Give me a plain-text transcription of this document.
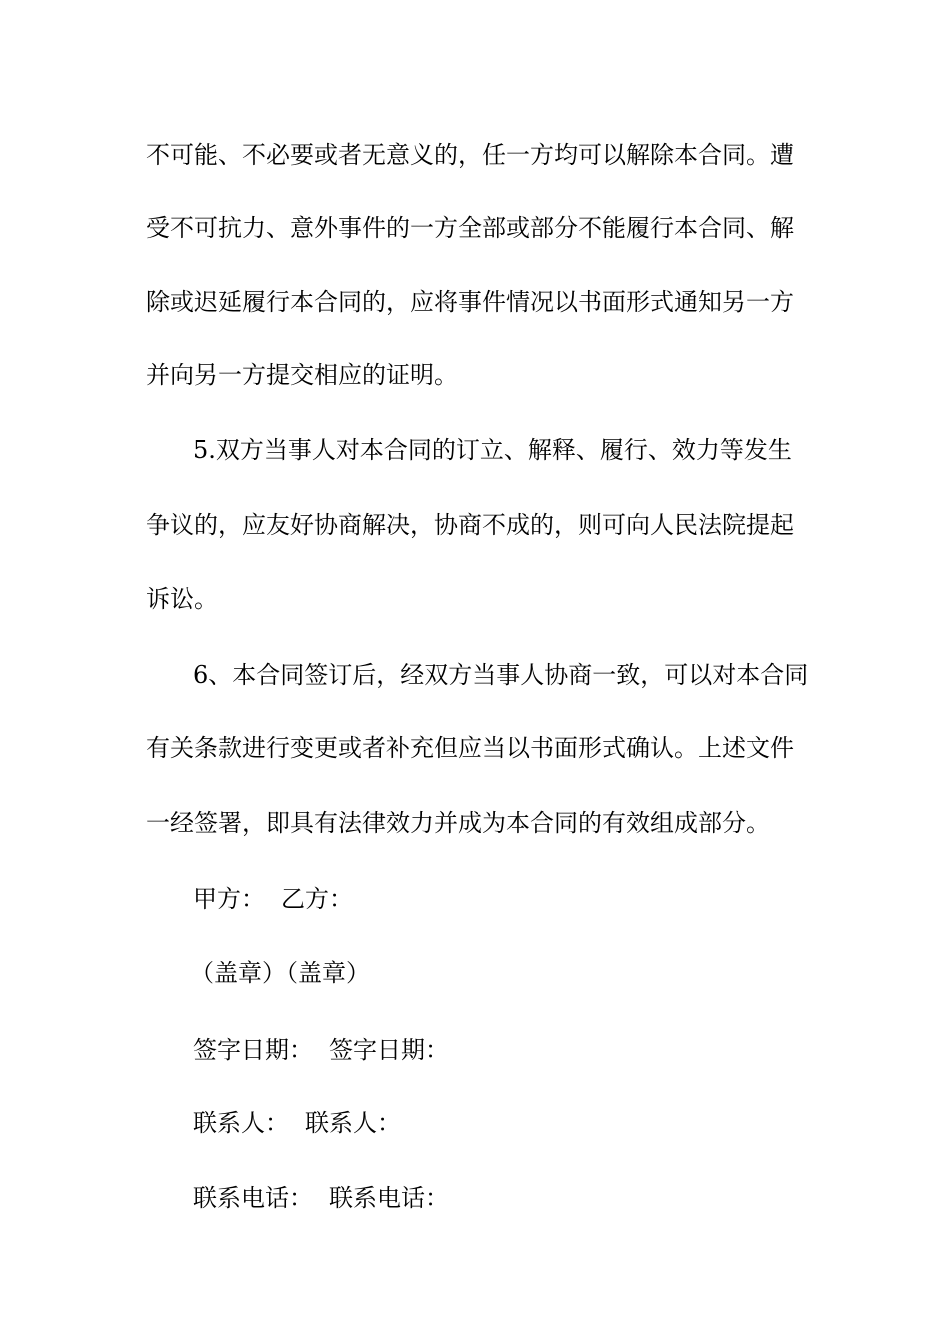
不可能、不必要或者无意义的，任一方均可以解除本合同。遭
受不可抗力、意外事件的一方全部或部分不能履行本合同、解
除或迟延履行本合同的，应将事件情况以书面形式通知另一方
并向另一方提交相应的证明。
5.双方当事人对本合同的订立、解释、履行、效力等发生
争议的，应友好协商解决，协商不成的，则可向人民法院提起
诉讼。
6、本合同签订后，经双方当事人协商一致，可以对本合同
有关条款进行变更或者补充但应当以书面形式确认。上述文件
一经签署，即具有法律效力并成为本合同的有效组成部分。
甲方： 乙方：
（盖章）（盖章）
签字日期： 签字日期：
联系人： 联系人：
联系电话： 联系电话：
